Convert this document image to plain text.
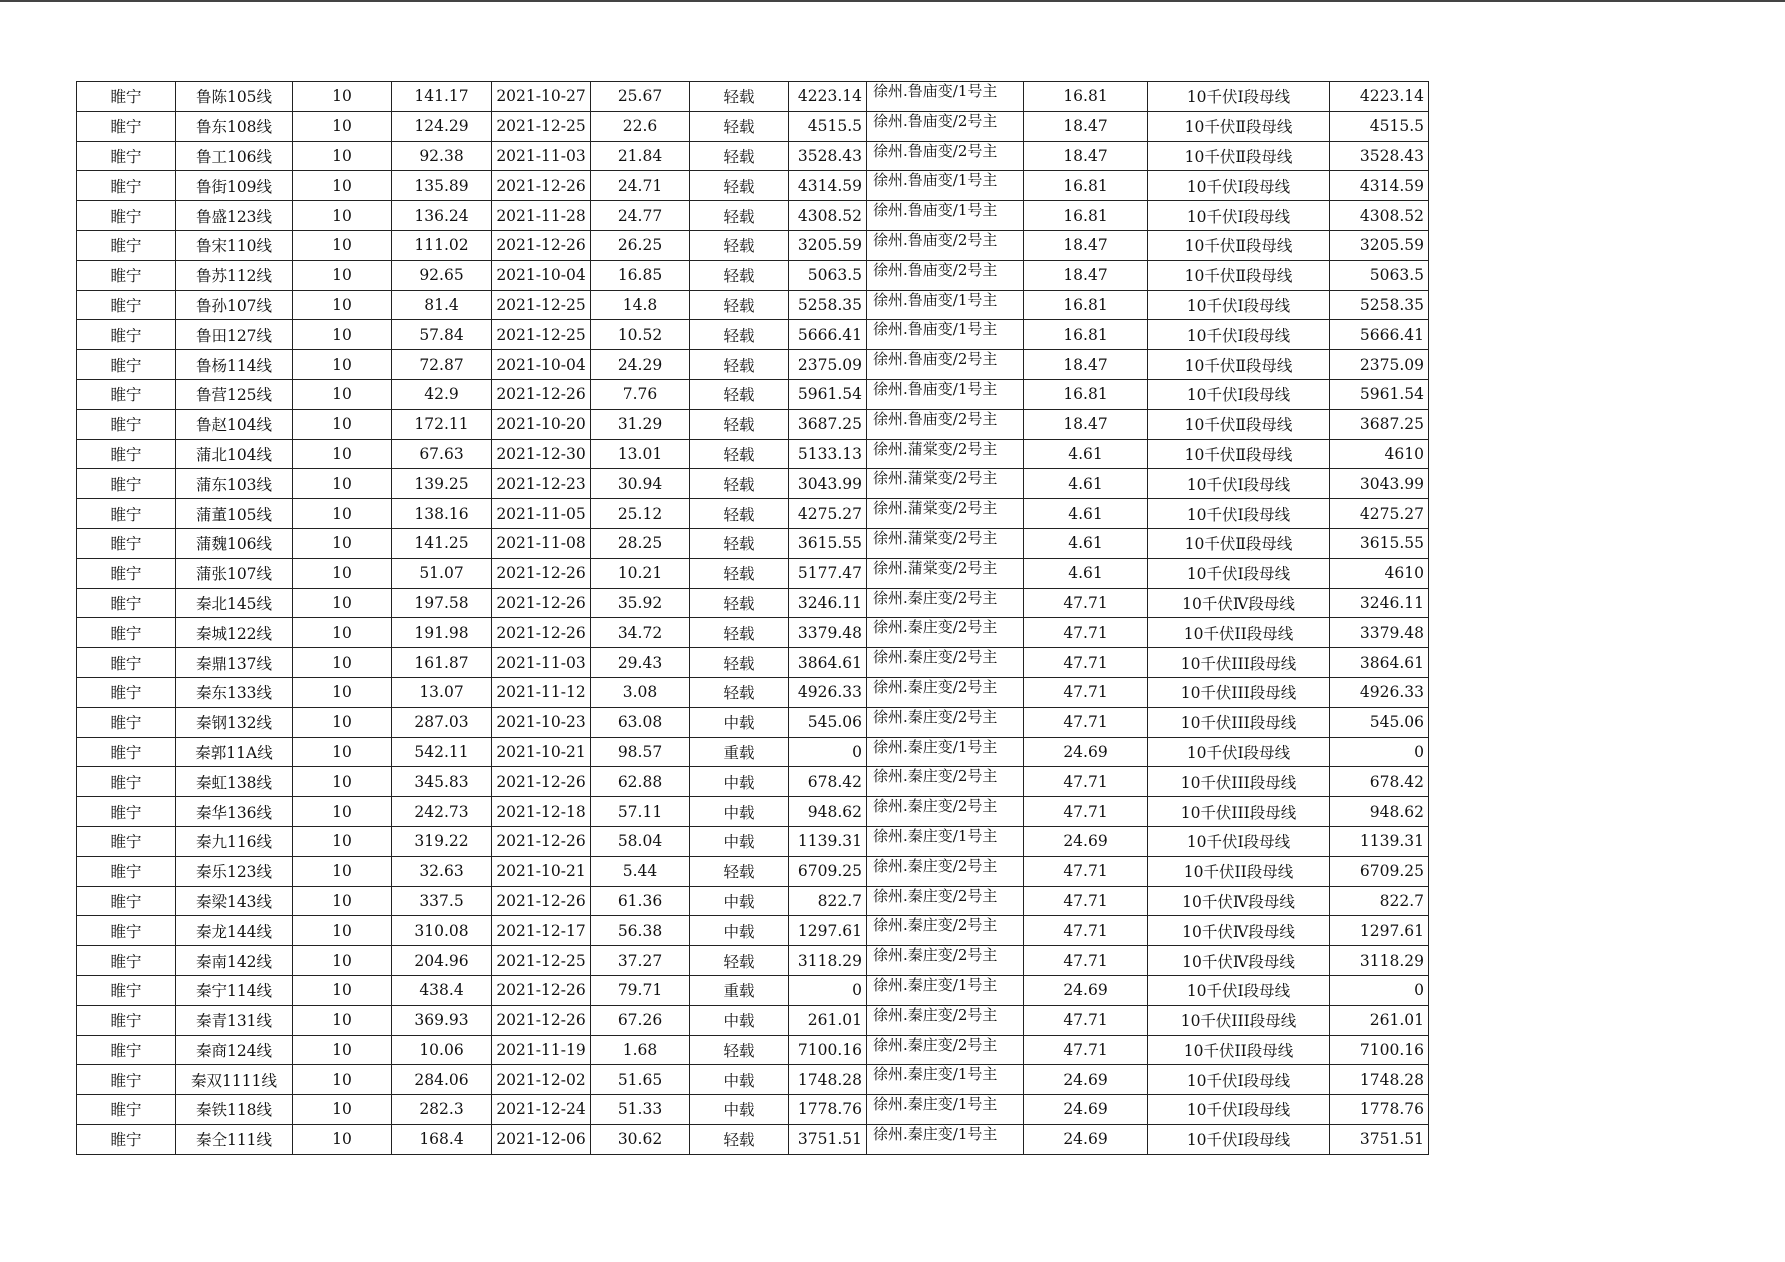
睢宁	鲁陈105线	10	141.17	2021-10-27	25.67	轻载	4223.14	徐州.鲁庙变/1号主	16.81	10千伏Ⅰ段母线	4223.14
睢宁	鲁东108线	10	124.29	2021-12-25	22.6	轻载	4515.5	徐州.鲁庙变/2号主	18.47	10千伏Ⅱ段母线	4515.5
睢宁	鲁工106线	10	92.38	2021-11-03	21.84	轻载	3528.43	徐州.鲁庙变/2号主	18.47	10千伏Ⅱ段母线	3528.43
睢宁	鲁街109线	10	135.89	2021-12-26	24.71	轻载	4314.59	徐州.鲁庙变/1号主	16.81	10千伏Ⅰ段母线	4314.59
睢宁	鲁盛123线	10	136.24	2021-11-28	24.77	轻载	4308.52	徐州.鲁庙变/1号主	16.81	10千伏Ⅰ段母线	4308.52
睢宁	鲁宋110线	10	111.02	2021-12-26	26.25	轻载	3205.59	徐州.鲁庙变/2号主	18.47	10千伏Ⅱ段母线	3205.59
睢宁	鲁苏112线	10	92.65	2021-10-04	16.85	轻载	5063.5	徐州.鲁庙变/2号主	18.47	10千伏Ⅱ段母线	5063.5
睢宁	鲁孙107线	10	81.4	2021-12-25	14.8	轻载	5258.35	徐州.鲁庙变/1号主	16.81	10千伏Ⅰ段母线	5258.35
睢宁	鲁田127线	10	57.84	2021-12-25	10.52	轻载	5666.41	徐州.鲁庙变/1号主	16.81	10千伏Ⅰ段母线	5666.41
睢宁	鲁杨114线	10	72.87	2021-10-04	24.29	轻载	2375.09	徐州.鲁庙变/2号主	18.47	10千伏Ⅱ段母线	2375.09
睢宁	鲁营125线	10	42.9	2021-12-26	7.76	轻载	5961.54	徐州.鲁庙变/1号主	16.81	10千伏Ⅰ段母线	5961.54
睢宁	鲁赵104线	10	172.11	2021-10-20	31.29	轻载	3687.25	徐州.鲁庙变/2号主	18.47	10千伏Ⅱ段母线	3687.25
睢宁	蒲北104线	10	67.63	2021-12-30	13.01	轻载	5133.13	徐州.蒲棠变/2号主	4.61	10千伏Ⅱ段母线	4610
睢宁	蒲东103线	10	139.25	2021-12-23	30.94	轻载	3043.99	徐州.蒲棠变/2号主	4.61	10千伏Ⅰ段母线	3043.99
睢宁	蒲董105线	10	138.16	2021-11-05	25.12	轻载	4275.27	徐州.蒲棠变/2号主	4.61	10千伏Ⅰ段母线	4275.27
睢宁	蒲魏106线	10	141.25	2021-11-08	28.25	轻载	3615.55	徐州.蒲棠变/2号主	4.61	10千伏Ⅱ段母线	3615.55
睢宁	蒲张107线	10	51.07	2021-12-26	10.21	轻载	5177.47	徐州.蒲棠变/2号主	4.61	10千伏Ⅰ段母线	4610
睢宁	秦北145线	10	197.58	2021-12-26	35.92	轻载	3246.11	徐州.秦庄变/2号主	47.71	10千伏Ⅳ段母线	3246.11
睢宁	秦城122线	10	191.98	2021-12-26	34.72	轻载	3379.48	徐州.秦庄变/2号主	47.71	10千伏II段母线	3379.48
睢宁	秦鼎137线	10	161.87	2021-11-03	29.43	轻载	3864.61	徐州.秦庄变/2号主	47.71	10千伏III段母线	3864.61
睢宁	秦东133线	10	13.07	2021-11-12	3.08	轻载	4926.33	徐州.秦庄变/2号主	47.71	10千伏III段母线	4926.33
睢宁	秦钢132线	10	287.03	2021-10-23	63.08	中载	545.06	徐州.秦庄变/2号主	47.71	10千伏III段母线	545.06
睢宁	秦郭11A线	10	542.11	2021-10-21	98.57	重载	0	徐州.秦庄变/1号主	24.69	10千伏Ⅰ段母线	0
睢宁	秦虹138线	10	345.83	2021-12-26	62.88	中载	678.42	徐州.秦庄变/2号主	47.71	10千伏III段母线	678.42
睢宁	秦华136线	10	242.73	2021-12-18	57.11	中载	948.62	徐州.秦庄变/2号主	47.71	10千伏III段母线	948.62
睢宁	秦九116线	10	319.22	2021-12-26	58.04	中载	1139.31	徐州.秦庄变/1号主	24.69	10千伏Ⅰ段母线	1139.31
睢宁	秦乐123线	10	32.63	2021-10-21	5.44	轻载	6709.25	徐州.秦庄变/2号主	47.71	10千伏II段母线	6709.25
睢宁	秦梁143线	10	337.5	2021-12-26	61.36	中载	822.7	徐州.秦庄变/2号主	47.71	10千伏Ⅳ段母线	822.7
睢宁	秦龙144线	10	310.08	2021-12-17	56.38	中载	1297.61	徐州.秦庄变/2号主	47.71	10千伏Ⅳ段母线	1297.61
睢宁	秦南142线	10	204.96	2021-12-25	37.27	轻载	3118.29	徐州.秦庄变/2号主	47.71	10千伏Ⅳ段母线	3118.29
睢宁	秦宁114线	10	438.4	2021-12-26	79.71	重载	0	徐州.秦庄变/1号主	24.69	10千伏Ⅰ段母线	0
睢宁	秦青131线	10	369.93	2021-12-26	67.26	中载	261.01	徐州.秦庄变/2号主	47.71	10千伏III段母线	261.01
睢宁	秦商124线	10	10.06	2021-11-19	1.68	轻载	7100.16	徐州.秦庄变/2号主	47.71	10千伏II段母线	7100.16
睢宁	秦双1111线	10	284.06	2021-12-02	51.65	中载	1748.28	徐州.秦庄变/1号主	24.69	10千伏Ⅰ段母线	1748.28
睢宁	秦铁118线	10	282.3	2021-12-24	51.33	中载	1778.76	徐州.秦庄变/1号主	24.69	10千伏Ⅰ段母线	1778.76
睢宁	秦仝111线	10	168.4	2021-12-06	30.62	轻载	3751.51	徐州.秦庄变/1号主	24.69	10千伏Ⅰ段母线	3751.51
